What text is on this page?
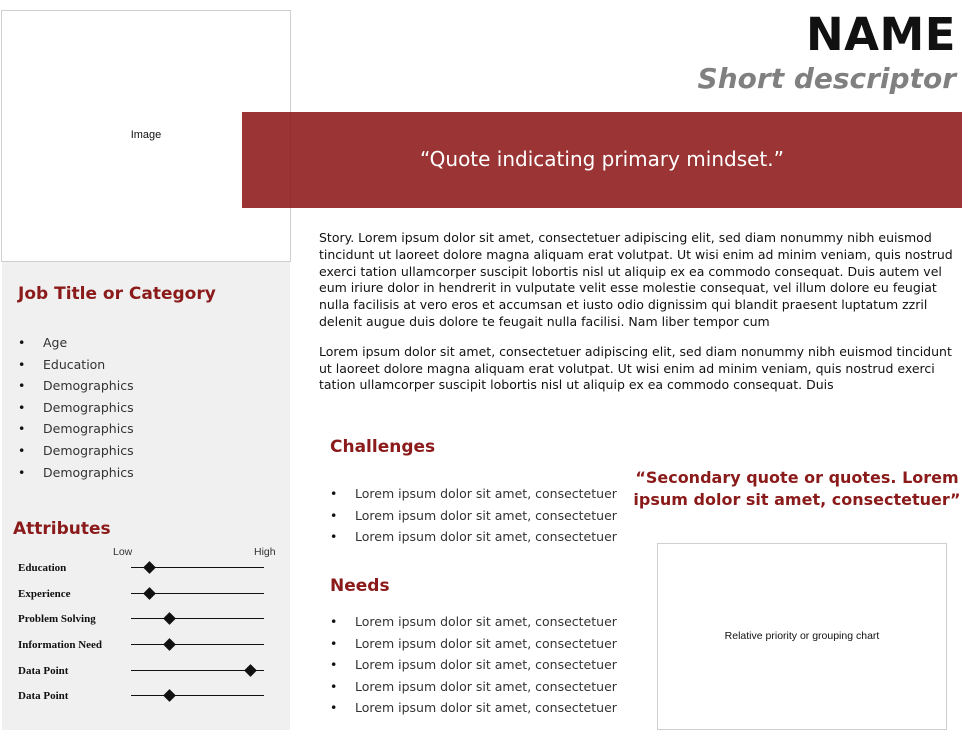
Image
NAME
Short descriptor
“Quote indicating primary mindset.”
Job Title or Category
• Age
• Education
• Demographics
• Demographics
• Demographics
• Demographics
• Demographics
Attributes
Low	High
Education
Experience
Problem Solving
Information Need
Data Point
Data Point

Story. Lorem ipsum dolor sit amet, consectetuer adipiscing elit, sed diam nonummy nibh euismod tincidunt ut laoreet dolore magna aliquam erat volutpat. Ut wisi enim ad minim veniam, quis nostrud exerci tation ullamcorper suscipit lobortis nisl ut aliquip ex ea commodo consequat. Duis autem vel eum iriure dolor in hendrerit in vulputate velit esse molestie consequat, vel illum dolore eu feugiat nulla facilisis at vero eros et accumsan et iusto odio dignissim qui blandit praesent luptatum zzril delenit augue duis dolore te feugait nulla facilisi. Nam liber tempor cum

Lorem ipsum dolor sit amet, consectetuer adipiscing elit, sed diam nonummy nibh euismod tincidunt ut laoreet dolore magna aliquam erat volutpat. Ut wisi enim ad minim veniam, quis nostrud exerci tation ullamcorper suscipit lobortis nisl ut aliquip ex ea commodo consequat. Duis

Challenges
• Lorem ipsum dolor sit amet, consectetuer
• Lorem ipsum dolor sit amet, consectetuer
• Lorem ipsum dolor sit amet, consectetuer
Needs
• Lorem ipsum dolor sit amet, consectetuer
• Lorem ipsum dolor sit amet, consectetuer
• Lorem ipsum dolor sit amet, consectetuer
• Lorem ipsum dolor sit amet, consectetuer
• Lorem ipsum dolor sit amet, consectetuer
“Secondary quote or quotes. Lorem ipsum dolor sit amet, consectetuer”
Relative priority or grouping chart
